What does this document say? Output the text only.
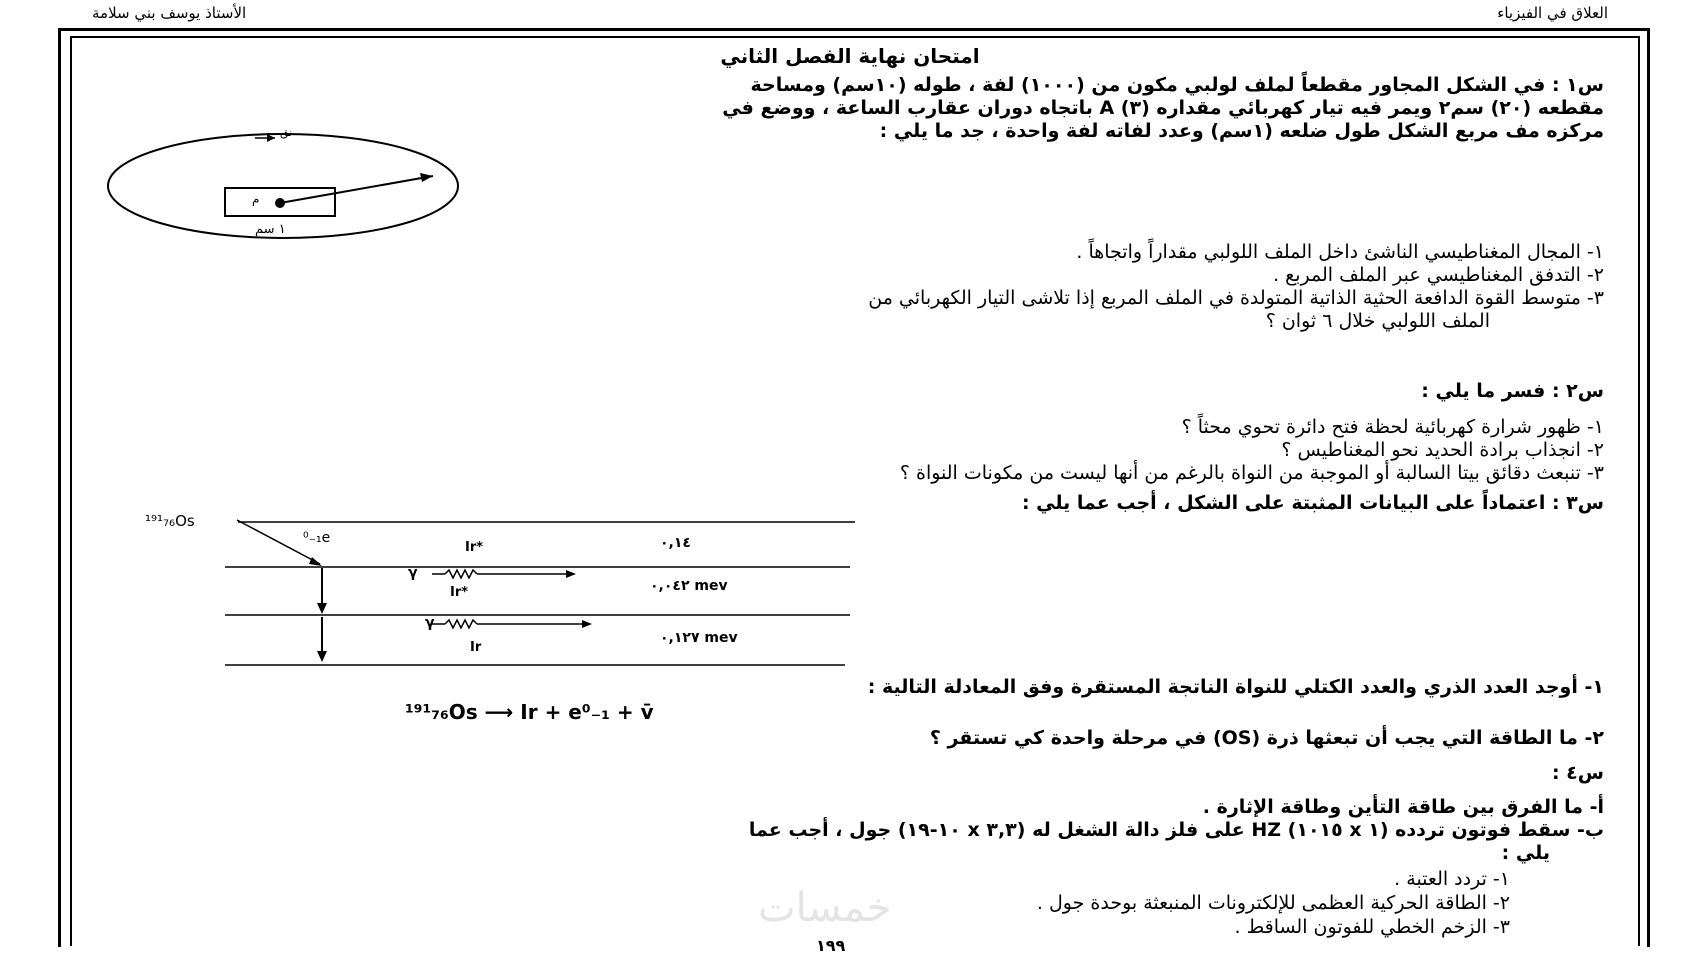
الأستاذ يوسف بني سلامة	العلاق في الفيزياء
امتحان نهاية الفصل الثاني
س١ : في الشكل المجاور مقطعاً لملف لولبي مكون من (١٠٠٠) لفة ، طوله (١٠سم) ومساحة
مقطعه (٢٠) سم٢ ويمر فيه تيار كهربائي مقداره (٣) A باتجاه دوران عقارب الساعة ، ووضع في
مركزه مف مربع الشكل طول ضلعه (١سم) وعدد لفاته لفة واحدة ، جد ما يلي :
م
١ سم
نق
١- المجال المغناطيسي الناشئ داخل الملف اللولبي مقداراً واتجاهاً .
٢- التدفق المغناطيسي عبر الملف المربع .
٣- متوسط القوة الدافعة الحثية الذاتية المتولدة في الملف المربع إذا تلاشى التيار الكهربائي من
الملف اللولبي خلال ٦ ثوان ؟
س٢ : فسر ما يلي :
١- ظهور شرارة كهربائية لحظة فتح دائرة تحوي محثاً ؟
٢- انجذاب برادة الحديد نحو المغناطيس ؟
٣- تنبعث دقائق بيتا السالبة أو الموجبة من النواة بالرغم من أنها ليست من مكونات النواة ؟
س٣ : اعتماداً على البيانات المثبتة على الشكل ، أجب عما يلي :
¹⁹¹₇₆Os
⁰₋₁e
Ir*	٠,١٤
γ
Ir*	٠,٠٤٢ mev
γ
Ir
٠,١٢٧ mev
١- أوجد العدد الذري والعدد الكتلي للنواة الناتجة المستقرة وفق المعادلة التالية :
¹⁹¹₇₆Os ⟶ Ir + e⁰₋₁ + v̄
٢- ما الطاقة التي يجب أن تبعثها ذرة (OS) في مرحلة واحدة كي تستقر ؟
س٤ :
أ- ما الفرق بين طاقة التأين وطاقة الإثارة .
ب- سقط فوتون تردده (١ x ١٠١٥) HZ على فلز دالة الشغل له (٣,٣ x ١٠-١٩) جول ، أجب عما
يلي :
١- تردد العتبة .
٢- الطاقة الحركية العظمى للإلكترونات المنبعثة بوحدة جول .
٣- الزخم الخطي للفوتون الساقط .
خمسات
١٩٩
